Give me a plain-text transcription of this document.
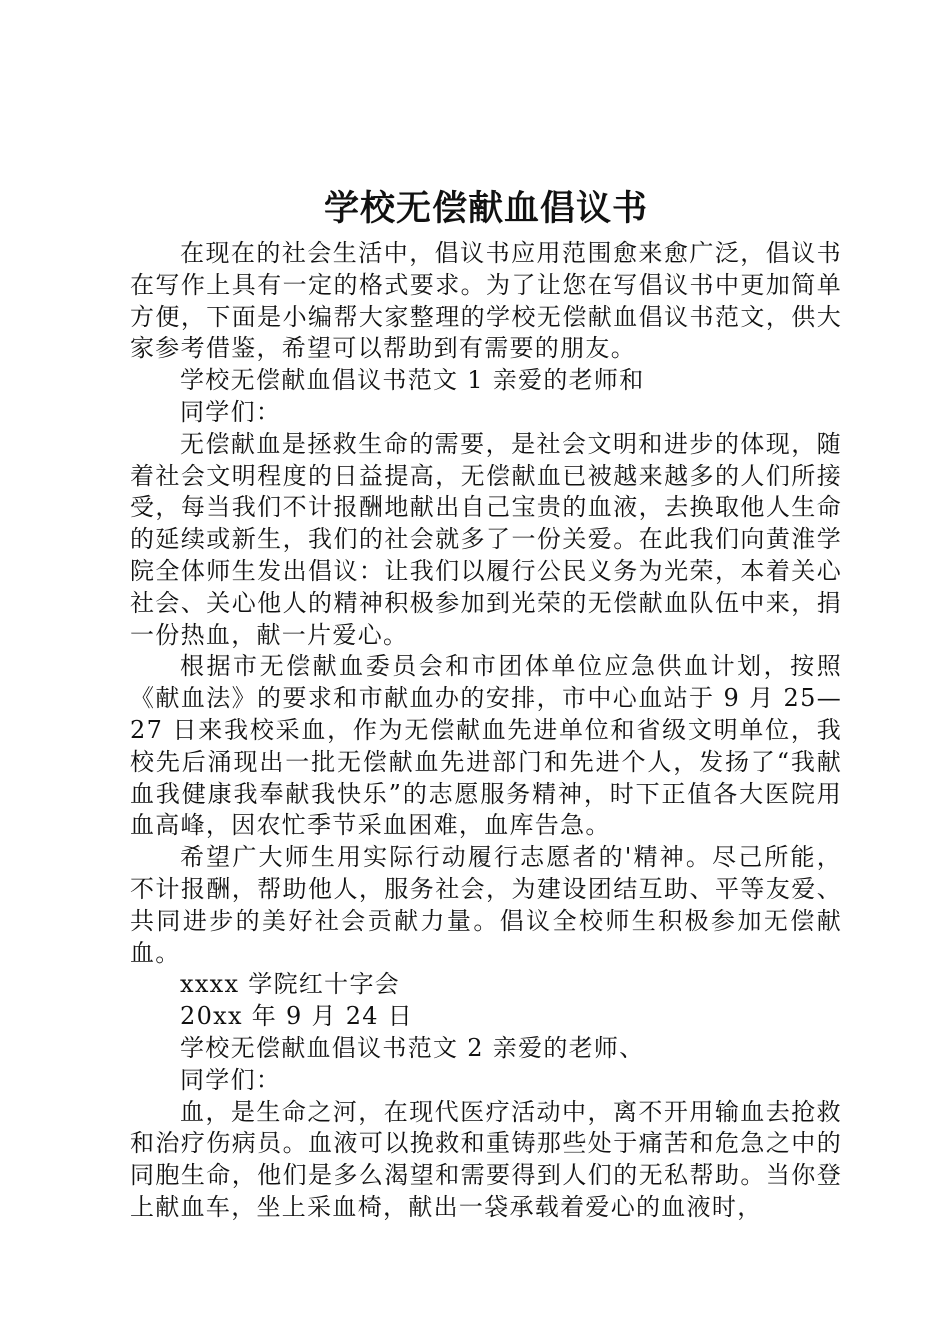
学校无偿献血倡议书

在现在的社会生活中，倡议书应用范围愈来愈广泛，倡议书在写作上具有一定的格式要求。为了让您在写倡议书中更加简单方便，下面是小编帮大家整理的学校无偿献血倡议书范文，供大家参考借鉴，希望可以帮助到有需要的朋友。

学校无偿献血倡议书范文 1 亲爱的老师和

同学们：

无偿献血是拯救生命的需要，是社会文明和进步的体现，随着社会文明程度的日益提高，无偿献血已被越来越多的人们所接受，每当我们不计报酬地献出自己宝贵的血液，去换取他人生命的延续或新生，我们的社会就多了一份关爱。在此我们向黄淮学院全体师生发出倡议：让我们以履行公民义务为光荣，本着关心社会、关心他人的精神积极参加到光荣的无偿献血队伍中来，捐一份热血，献一片爱心。

根据市无偿献血委员会和市团体单位应急供血计划，按照《献血法》的要求和市献血办的安排，市中心血站于 9 月 25—27 日来我校采血，作为无偿献血先进单位和省级文明单位，我校先后涌现出一批无偿献血先进部门和先进个人，发扬了“我献血我健康我奉献我快乐”的志愿服务精神，时下正值各大医院用血高峰，因农忙季节采血困难，血库告急。

希望广大师生用实际行动履行志愿者的'精神。尽己所能，不计报酬，帮助他人，服务社会，为建设团结互助、平等友爱、共同进步的美好社会贡献力量。倡议全校师生积极参加无偿献血。

xxxx 学院红十字会

20xx 年 9 月 24 日

学校无偿献血倡议书范文 2 亲爱的老师、

同学们：

血，是生命之河，在现代医疗活动中，离不开用输血去抢救和治疗伤病员。血液可以挽救和重铸那些处于痛苦和危急之中的同胞生命，他们是多么渴望和需要得到人们的无私帮助。当你登上献血车，坐上采血椅，献出一袋承载着爱心的血液时，
